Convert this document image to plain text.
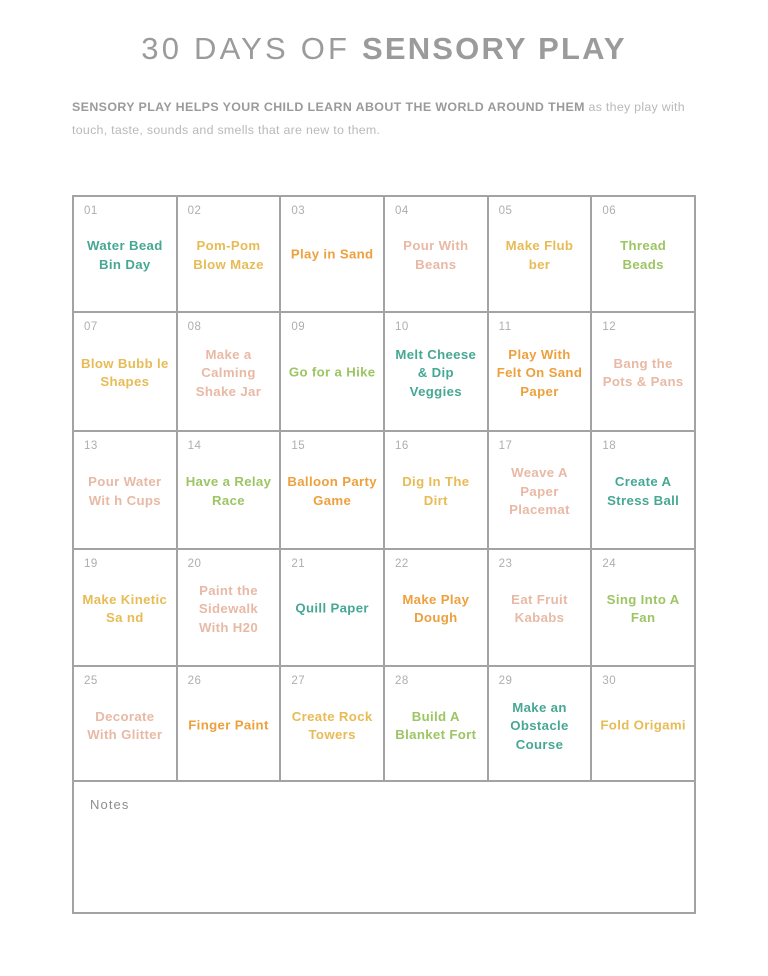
30 DAYS OF SENSORY PLAY

SENSORY PLAY HELPS YOUR CHILD LEARN ABOUT THE WORLD AROUND THEM as they play with touch, taste, sounds and smells that are new to them.

01
Water Bead Bin Day
02
Pom-Pom Blow Maze
03
Play in Sand
04
Pour With Beans
05
Make Flub ber
06
Thread Beads
07
Blow Bubb le Shapes
08
Make a Calming Shake Jar
09
Go for a Hike
10
Melt Cheese & Dip Veggies
11
Play With Felt On Sand Paper
12
Bang the Pots & Pans
13
Pour Water Wit h Cups
14
Have a Relay Race
15
Balloon Party Game
16
Dig In The Dirt
17
Weave A Paper Placemat
18
Create A Stress Ball
19
Make Kinetic Sa nd
20
Paint the Sidewalk With H20
21
Quill Paper
22
Make Play Dough
23
Eat Fruit Kababs
24
Sing Into A Fan
25
Decorate With Glitter
26
Finger Paint
27
Create Rock Towers
28
Build A Blanket Fort
29
Make an Obstacle Course
30
Fold Origami
Notes
